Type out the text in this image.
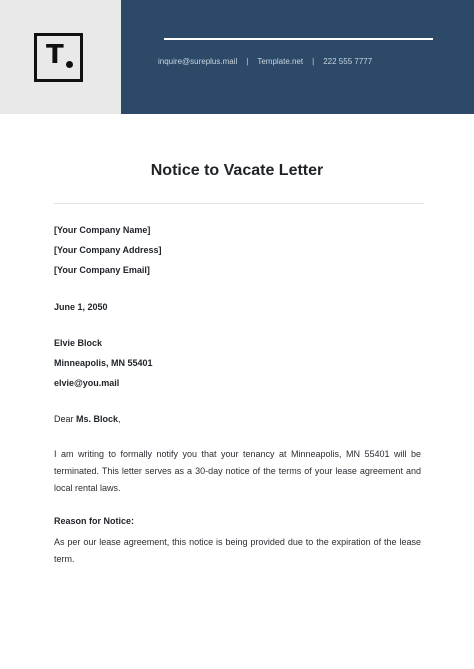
T	inquire@sureplus.mail | Template.net | 222 555 7777
Notice to Vacate Letter
[Your Company Name]
[Your Company Address]
[Your Company Email]
June 1, 2050
Elvie Block
Minneapolis, MN 55401
elvie@you.mail
Dear Ms. Block,
I am writing to formally notify you that your tenancy at Minneapolis, MN 55401 will be terminated. This letter serves as a 30-day notice of the terms of your lease agreement and local rental laws.
Reason for Notice:
As per our lease agreement, this notice is being provided due to the expiration of the lease term.
